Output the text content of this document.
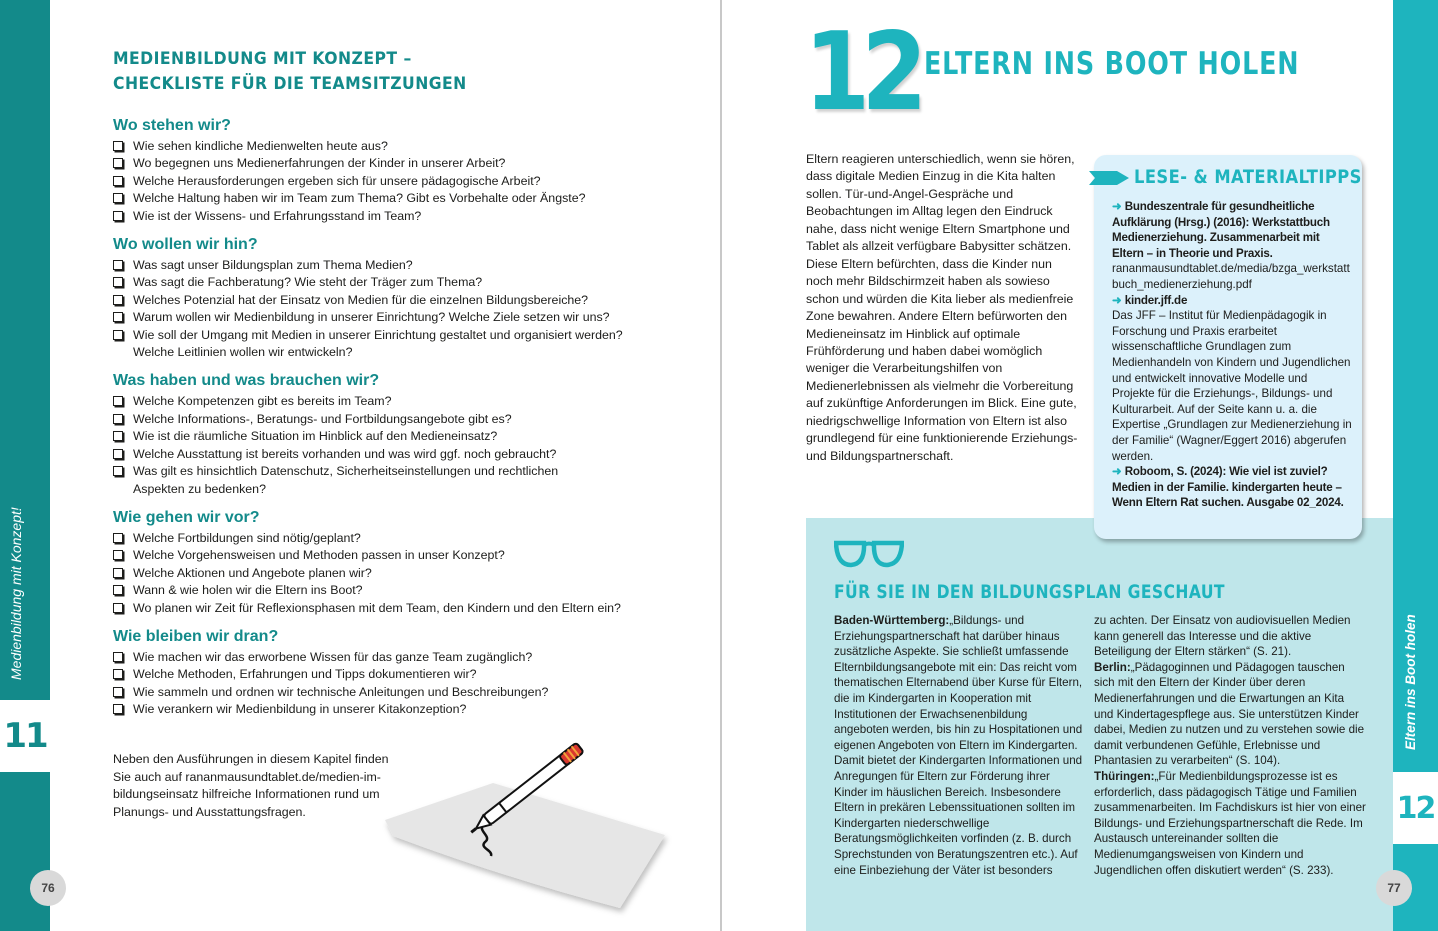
Medienbildung mit Konzept!
11
76
MEDIENBILDUNG MIT KONZEPT –
CHECKLISTE FÜR DIE TEAMSITZUNGEN
Wo stehen wir?
Wie sehen kindliche Medienwelten heute aus?
Wo begegnen uns Medienerfahrungen der Kinder in unserer Arbeit?
Welche Herausforderungen ergeben sich für unsere pädagogische Arbeit?
Welche Haltung haben wir im Team zum Thema? Gibt es Vorbehalte oder Ängste?
Wie ist der Wissens- und Erfahrungsstand im Team?
Wo wollen wir hin?
Was sagt unser Bildungsplan zum Thema Medien?
Was sagt die Fachberatung? Wie steht der Träger zum Thema?
Welches Potenzial hat der Einsatz von Medien für die einzelnen Bildungsbereiche?
Warum wollen wir Medienbildung in unserer Einrichtung? Welche Ziele setzen wir uns?
Wie soll der Umgang mit Medien in unserer Einrichtung gestaltet und organisiert werden? Welche Leitlinien wollen wir entwickeln?
Was haben und was brauchen wir?
Welche Kompetenzen gibt es bereits im Team?
Welche Informations-, Beratungs- und Fortbildungsangebote gibt es?
Wie ist die räumliche Situation im Hinblick auf den Medieneinsatz?
Welche Ausstattung ist bereits vorhanden und was wird ggf. noch gebraucht?
Was gilt es hinsichtlich Datenschutz, Sicherheitseinstellungen und rechtlichen Aspekten zu bedenken?
Wie gehen wir vor?
Welche Fortbildungen sind nötig/geplant?
Welche Vorgehensweisen und Methoden passen in unser Konzept?
Welche Aktionen und Angebote planen wir?
Wann & wie holen wir die Eltern ins Boot?
Wo planen wir Zeit für Reflexionsphasen mit dem Team, den Kindern und den Eltern ein?
Wie bleiben wir dran?
Wie machen wir das erworbene Wissen für das ganze Team zugänglich?
Welche Methoden, Erfahrungen und Tipps dokumentieren wir?
Wie sammeln und ordnen wir technische Anleitungen und Beschreibungen?
Wie verankern wir Medienbildung in unserer Kitakonzeption?
Neben den Ausführungen in diesem Kapitel finden Sie auch auf rananmausundtablet.de/medien-im-bildungseinsatz hilfreiche Informationen rund um Planungs- und Ausstattungsfragen.
12 ELTERN INS BOOT HOLEN
Eltern reagieren unterschiedlich, wenn sie hören, dass digitale Medien Einzug in die Kita halten sollen. Tür-und-Angel-Gespräche und Beobachtungen im Alltag legen den Eindruck nahe, dass nicht wenige Eltern Smartphone und Tablet als allzeit verfügbare Babysitter schätzen. Diese Eltern befürchten, dass die Kinder nun noch mehr Bildschirmzeit haben als sowieso schon und würden die Kita lieber als medienfreie Zone bewahren. Andere Eltern befürworten den Medieneinsatz im Hinblick auf optimale Frühförderung und haben dabei womöglich weniger die Verarbeitungshilfen von Medienerlebnissen als vielmehr die Vorbereitung auf zukünftige Anforderungen im Blick. Eine gute, niedrigschwellige Information von Eltern ist also grundlegend für eine funktionierende Erziehungs- und Bildungspartnerschaft.
LESE- & MATERIALTIPPS
➜ Bundeszentrale für gesundheitliche Aufklärung (Hrsg.) (2016): Werkstattbuch Medienerziehung. Zusammenarbeit mit Eltern – in Theorie und Praxis.
rananmausundtablet.de/media/bzga_werkstattbuch_medienerziehung.pdf
➜ kinder.jff.de
Das JFF – Institut für Medienpädagogik in Forschung und Praxis erarbeitet wissenschaftliche Grundlagen zum Medienhandeln von Kindern und Jugendlichen und entwickelt innovative Modelle und Projekte für die Erziehungs-, Bildungs- und Kulturarbeit. Auf der Seite kann u. a. die Expertise „Grundlagen zur Medienerziehung in der Familie“ (Wagner/Eggert 2016) abgerufen werden.
➜ Roboom, S. (2024): Wie viel ist zuviel? Medien in der Familie. kindergarten heute – Wenn Eltern Rat suchen. Ausgabe 02_2024.
FÜR SIE IN DEN BILDUNGSPLAN GESCHAUT
Baden-Württemberg:„Bildungs- und Erziehungspartnerschaft hat darüber hinaus zusätzliche Aspekte. Sie schließt umfassende Elternbildungsangebote mit ein: Das reicht vom thematischen Elternabend über Kurse für Eltern, die im Kindergarten in Kooperation mit Institutionen der Erwachsenenbildung angeboten werden, bis hin zu Hospitationen und eigenen Angeboten von Eltern im Kindergarten. Damit bietet der Kindergarten Informationen und Anregungen für Eltern zur Förderung ihrer Kinder im häuslichen Bereich. Insbesondere Eltern in prekären Lebenssituationen sollten im Kindergarten niederschwellige Beratungsmöglichkeiten vorfinden (z. B. durch Sprechstunden von Beratungszentren etc.). Auf eine Einbeziehung der Väter ist besonders
zu achten. Der Einsatz von audiovisuellen Medien kann generell das Interesse und die aktive Beteiligung der Eltern stärken“ (S. 21).
Berlin:„Pädagoginnen und Pädagogen tauschen sich mit den Eltern der Kinder über deren Medienerfahrungen und die Erwartungen an Kita und Kindertagespflege aus. Sie unterstützen Kinder dabei, Medien zu nutzen und zu verstehen sowie die damit verbundenen Gefühle, Erlebnisse und Phantasien zu verarbeiten“ (S. 104).
Thüringen:„Für Medienbildungsprozesse ist es erforderlich, dass pädagogisch Tätige und Familien zusammenarbeiten. Im Fachdiskurs ist hier von einer Bildungs- und Erziehungspartnerschaft die Rede. Im Austausch untereinander sollten die Medienumgangsweisen von Kindern und Jugendlichen offen diskutiert werden“ (S. 233).
Eltern ins Boot holen
12
77
